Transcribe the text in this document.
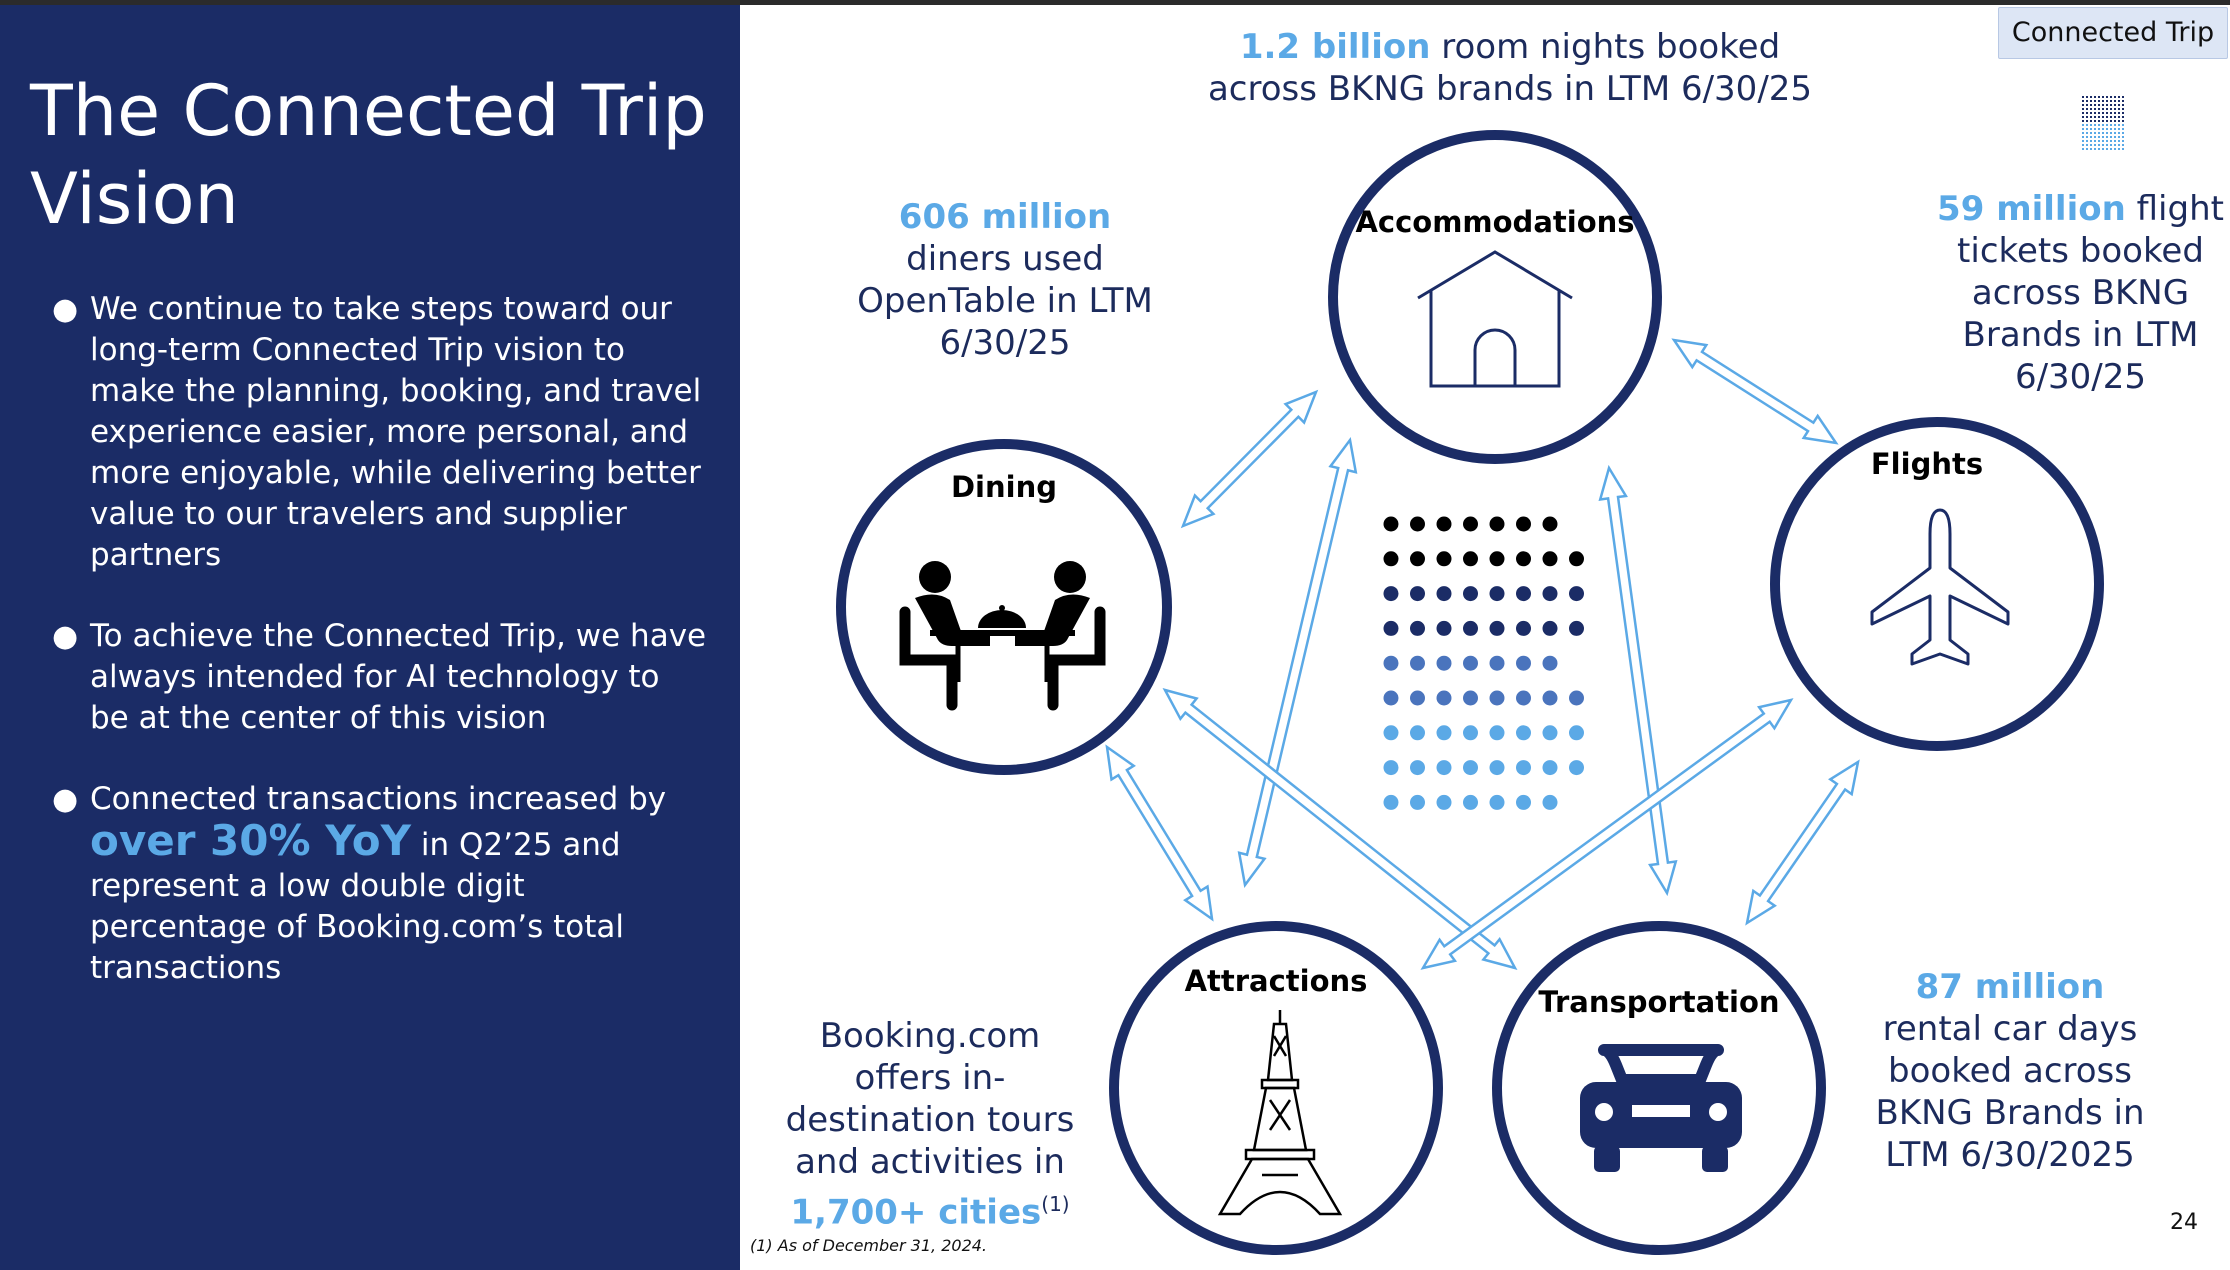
The Connected Trip Vision
● We continue to take steps toward our long-term Connected Trip vision to make the planning, booking, and travel experience easier, more personal, and more enjoyable, while delivering better value to our travelers and supplier partners
● To achieve the Connected Trip, we have always intended for AI technology to be at the center of this vision
● Connected transactions increased by over 30% YoY in Q2’25 and represent a low double digit percentage of Booking.com’s total transactions
Connected Trip
Accommodations
Flights
Dining
Attractions
Transportation
1.2 billion room nights booked across BKNG brands in LTM 6/30/25
606 million
diners used OpenTable in LTM 6/30/25
59 million flight tickets booked across BKNG Brands in LTM 6/30/25
Booking.com offers in-destination tours and activities in 1,700+ cities$^{(1)}$
87 million rental car days booked across BKNG Brands in LTM 6/30/2025
(1) As of December 31, 2024.
24
